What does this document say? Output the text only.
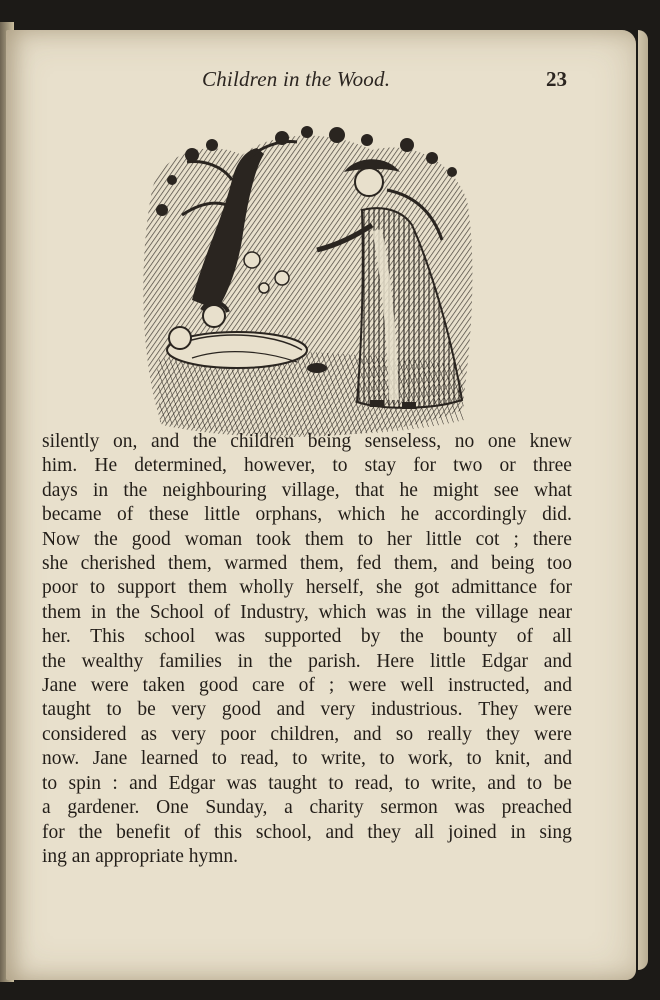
Children in the Wood.	23
silently on, and the children being senseless, no one knew
him. He determined, however, to stay for two or three
days in the neighbouring village, that he might see what
became of these little orphans, which he accordingly did.
Now the good woman took them to her little cot ; there
she cherished them, warmed them, fed them, and being too
poor to support them wholly herself, she got admittance for
them in the School of Industry, which was in the village near
her. This school was supported by the bounty of all
the wealthy families in the parish. Here little Edgar and
Jane were taken good care of ; were well instructed, and
taught to be very good and very industrious. They were
considered as very poor children, and so really they were
now. Jane learned to read, to write, to work, to knit, and
to spin : and Edgar was taught to read, to write, and to be
a gardener. One Sunday, a charity sermon was preached
for the benefit of this school, and they all joined in sing
ing an appropriate hymn.
